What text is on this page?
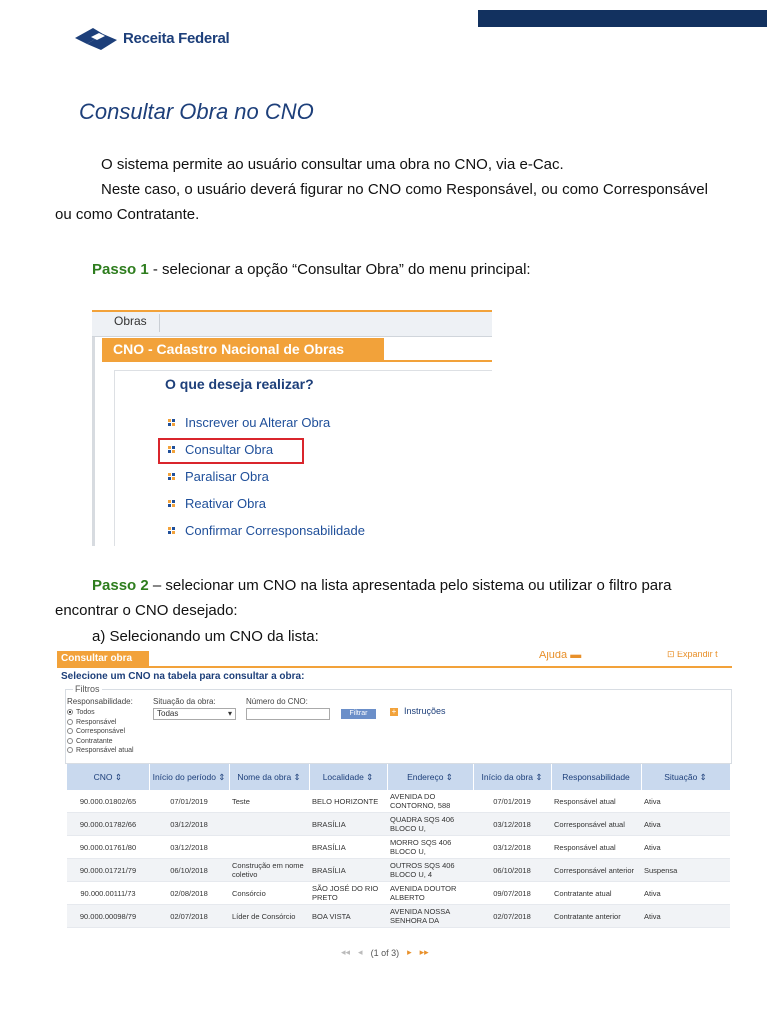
Receita Federal
Consultar Obra no CNO
O sistema permite ao usuário consultar uma obra no CNO, via e-Cac.
Neste caso, o usuário deverá figurar no CNO como Responsável, ou como Corresponsável
ou como Contratante.
Passo 1 - selecionar a opção “Consultar Obra” do menu principal:
Obras
CNO - Cadastro Nacional de Obras
O que deseja realizar?
Inscrever ou Alterar Obra
Consultar Obra
Paralisar Obra
Reativar Obra
Confirmar Corresponsabilidade
Passo 2 – selecionar um CNO na lista apresentada pelo sistema ou utilizar o filtro para
encontrar o CNO desejado:
a) Selecionando um CNO da lista:
Consultar obra	Ajuda ▬	⊡ Expandir t
Selecione um CNO na tabela para consultar a obra:
Filtros
Responsabilidade:
Todos
Responsável
Corresponsável
Contratante
Responsável atual
Situação da obra:
Todas	▾
Número do CNO:
Filtrar	+ Instruções
CNO ⇕	Início do período ⇕	Nome da obra ⇕	Localidade ⇕	Endereço ⇕	Início da obra ⇕	Responsabilidade	Situação ⇕
90.000.01802/65	07/01/2019	Teste	BELO HORIZONTE	AVENIDA DO CONTORNO, 588	07/01/2019	Responsável atual	Ativa
90.000.01782/66	03/12/2018		BRASÍLIA	QUADRA SQS 406 BLOCO U,	03/12/2018	Corresponsável atual	Ativa
90.000.01761/80	03/12/2018		BRASÍLIA	MORRO SQS 406 BLOCO U,	03/12/2018	Responsável atual	Ativa
90.000.01721/79	06/10/2018	Construção em nome coletivo	BRASÍLIA	OUTROS SQS 406 BLOCO U, 4	06/10/2018	Corresponsável anterior	Suspensa
90.000.00111/73	02/08/2018	Consórcio	SÃO JOSÉ DO RIO PRETO	AVENIDA DOUTOR ALBERTO	09/07/2018	Contratante atual	Ativa
90.000.00098/79	02/07/2018	Líder de Consórcio	BOA VISTA	AVENIDA NOSSA SENHORA DA	02/07/2018	Contratante anterior	Ativa
◂◂ ◂ (1 of 3) ▸ ▸▸
